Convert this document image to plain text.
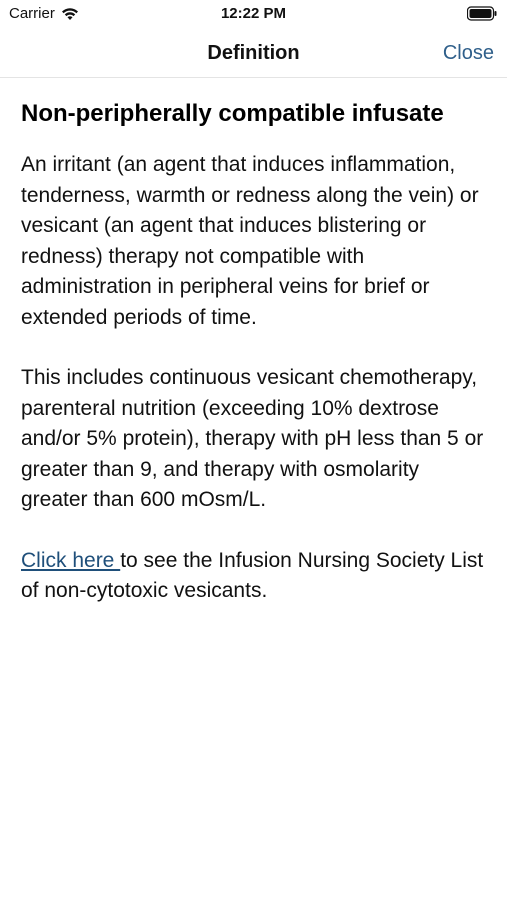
Carrier	12:22 PM
Definition	Close
Non-peripherally compatible infusate

An irritant (an agent that induces inflammation, tenderness, warmth or redness along the vein) or vesicant (an agent that induces blistering or redness) therapy not compatible with administration in peripheral veins for brief or extended periods of time.

This includes continuous vesicant chemotherapy, parenteral nutrition (exceeding 10% dextrose and/or 5% protein), therapy with pH less than 5 or greater than 9, and therapy with osmolarity greater than 600 mOsm/L.

Click here to see the Infusion Nursing Society List of non-cytotoxic vesicants.
